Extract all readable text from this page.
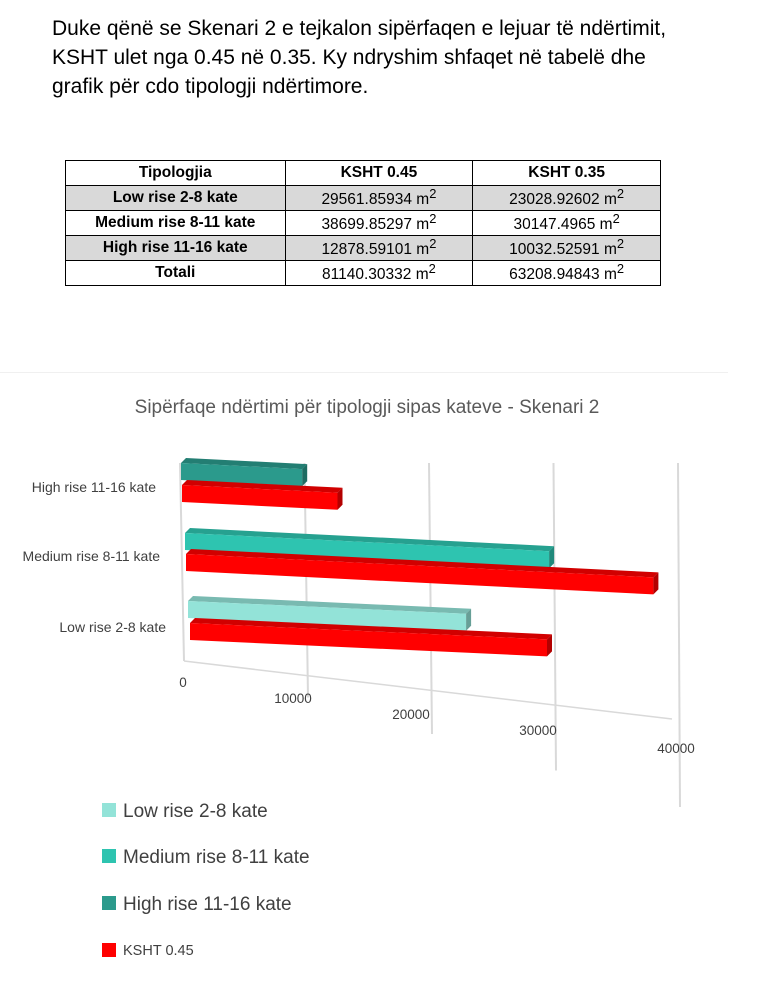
Duke qënë se Skenari 2 e tejkalon sipërfaqen e lejuar të ndërtimit,
KSHT ulet nga 0.45 në 0.35. Ky ndryshim shfaqet në tabelë dhe
grafik për cdo tipologji ndërtimore.
Tipologjia	KSHT 0.45	KSHT 0.35
Low rise 2-8 kate	29561.85934 $m^2$	23028.92602 $m^2$
Medium rise 8-11 kate	38699.85297 $m^2$	30147.4965 $m^2$
High rise 11-16 kate	12878.59101 $m^2$	10032.52591 $m^2$
Totali	81140.30332 $m^2$	63208.94843 $m^2$
Sipërfaqe ndërtimi për tipologji sipas kateve - Skenari 2
0
10000
20000
30000
40000
Low rise 2-8 kate
Medium rise 8-11 kate
High rise 11-16 kate
Low rise 2-8 kate
Medium rise 8-11 kate
High rise 11-16 kate
KSHT 0.45
